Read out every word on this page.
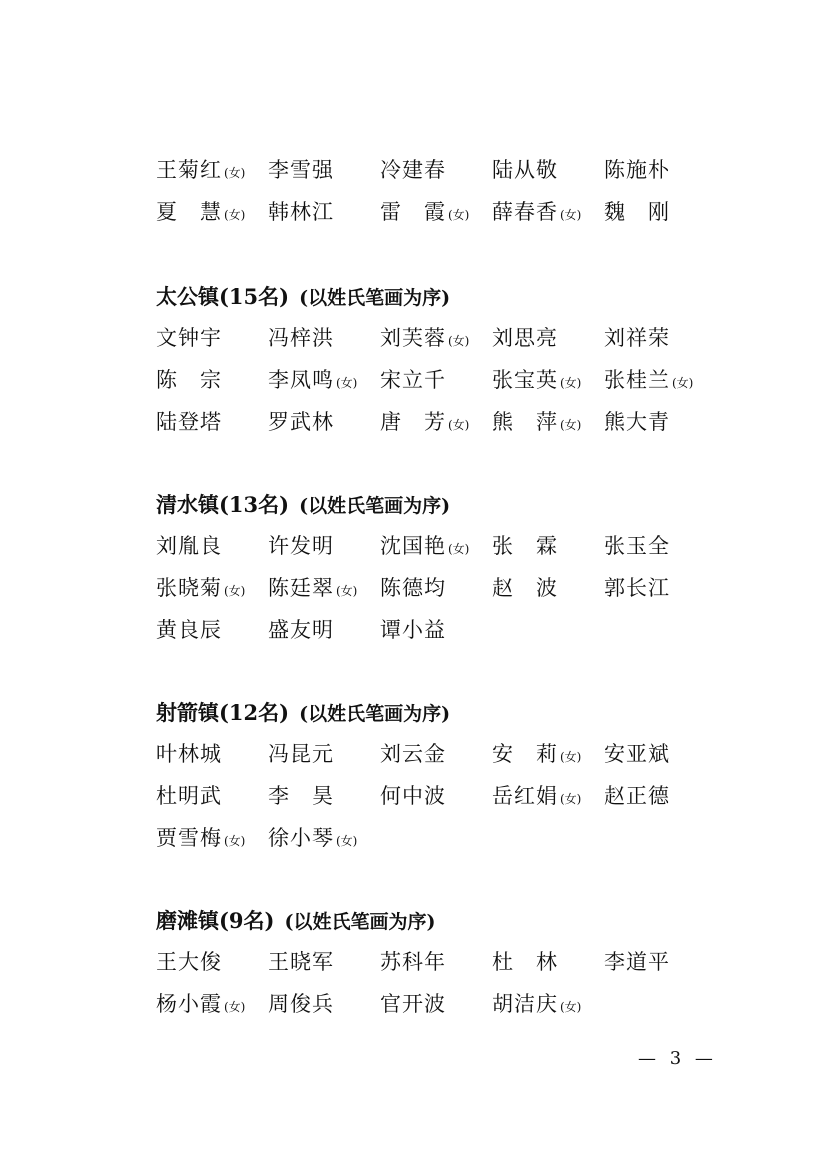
王菊红 (女)	李雪强	冷建春	陆从敬	陈施朴
夏　慧 (女)	韩林江	雷　霞 (女)	薛春香 (女)	魏　刚
太公镇(15名) (以姓氏笔画为序)
文钟宇	冯梓洪	刘芙蓉 (女)	刘思亮	刘祥荣
陈　宗	李凤鸣 (女)	宋立千	张宝英 (女)	张桂兰 (女)
陆登塔	罗武林	唐　芳 (女)	熊　萍 (女)	熊大青
清水镇(13名) (以姓氏笔画为序)
刘胤良	许发明	沈国艳 (女)	张　霖	张玉全
张晓菊 (女)	陈廷翠 (女)	陈德均	赵　波	郭长江
黄良辰	盛友明	谭小益
射箭镇(12名) (以姓氏笔画为序)
叶林城	冯昆元	刘云金	安　莉 (女)	安亚斌
杜明武	李　昊	何中波	岳红娟 (女)	赵正德
贾雪梅 (女)	徐小琴 (女)
磨滩镇(9名) (以姓氏笔画为序)
王大俊	王晓军	苏科年	杜　林	李道平
杨小霞 (女)	周俊兵	官开波	胡洁庆 (女)
— 3 —
